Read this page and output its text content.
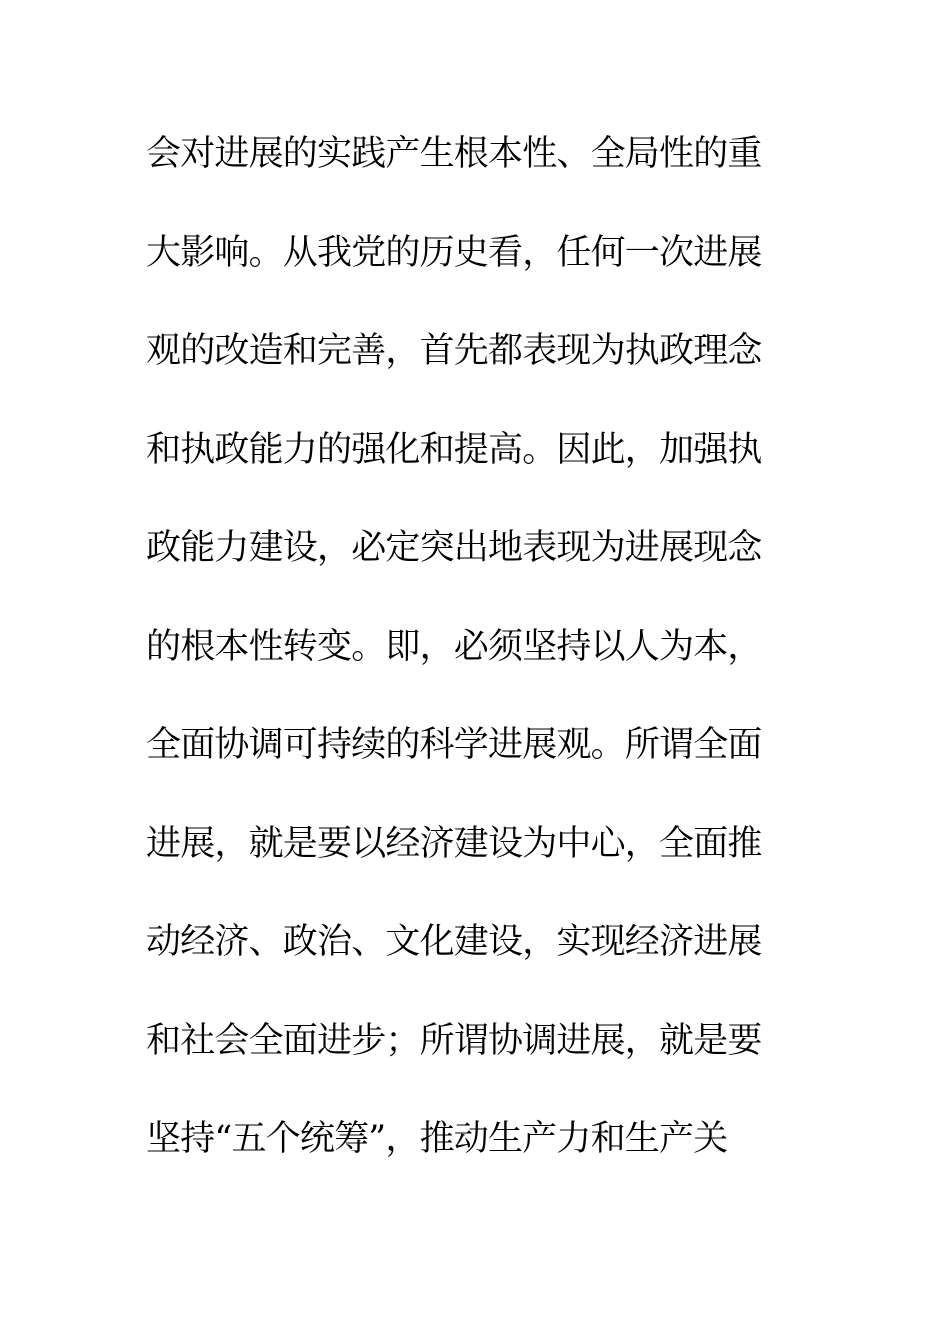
会对进展的实践产生根本性、全局性的重
大影响。从我党的历史看，任何一次进展
观的改造和完善，首先都表现为执政理念
和执政能力的强化和提高。因此，加强执
政能力建设，必定突出地表现为进展现念
的根本性转变。即，必须坚持以人为本，
全面协调可持续的科学进展观。所谓全面
进展，就是要以经济建设为中心，全面推
动经济、政治、文化建设，实现经济进展
和社会全面进步；所谓协调进展，就是要
坚持“五个统筹”，推动生产力和生产关
